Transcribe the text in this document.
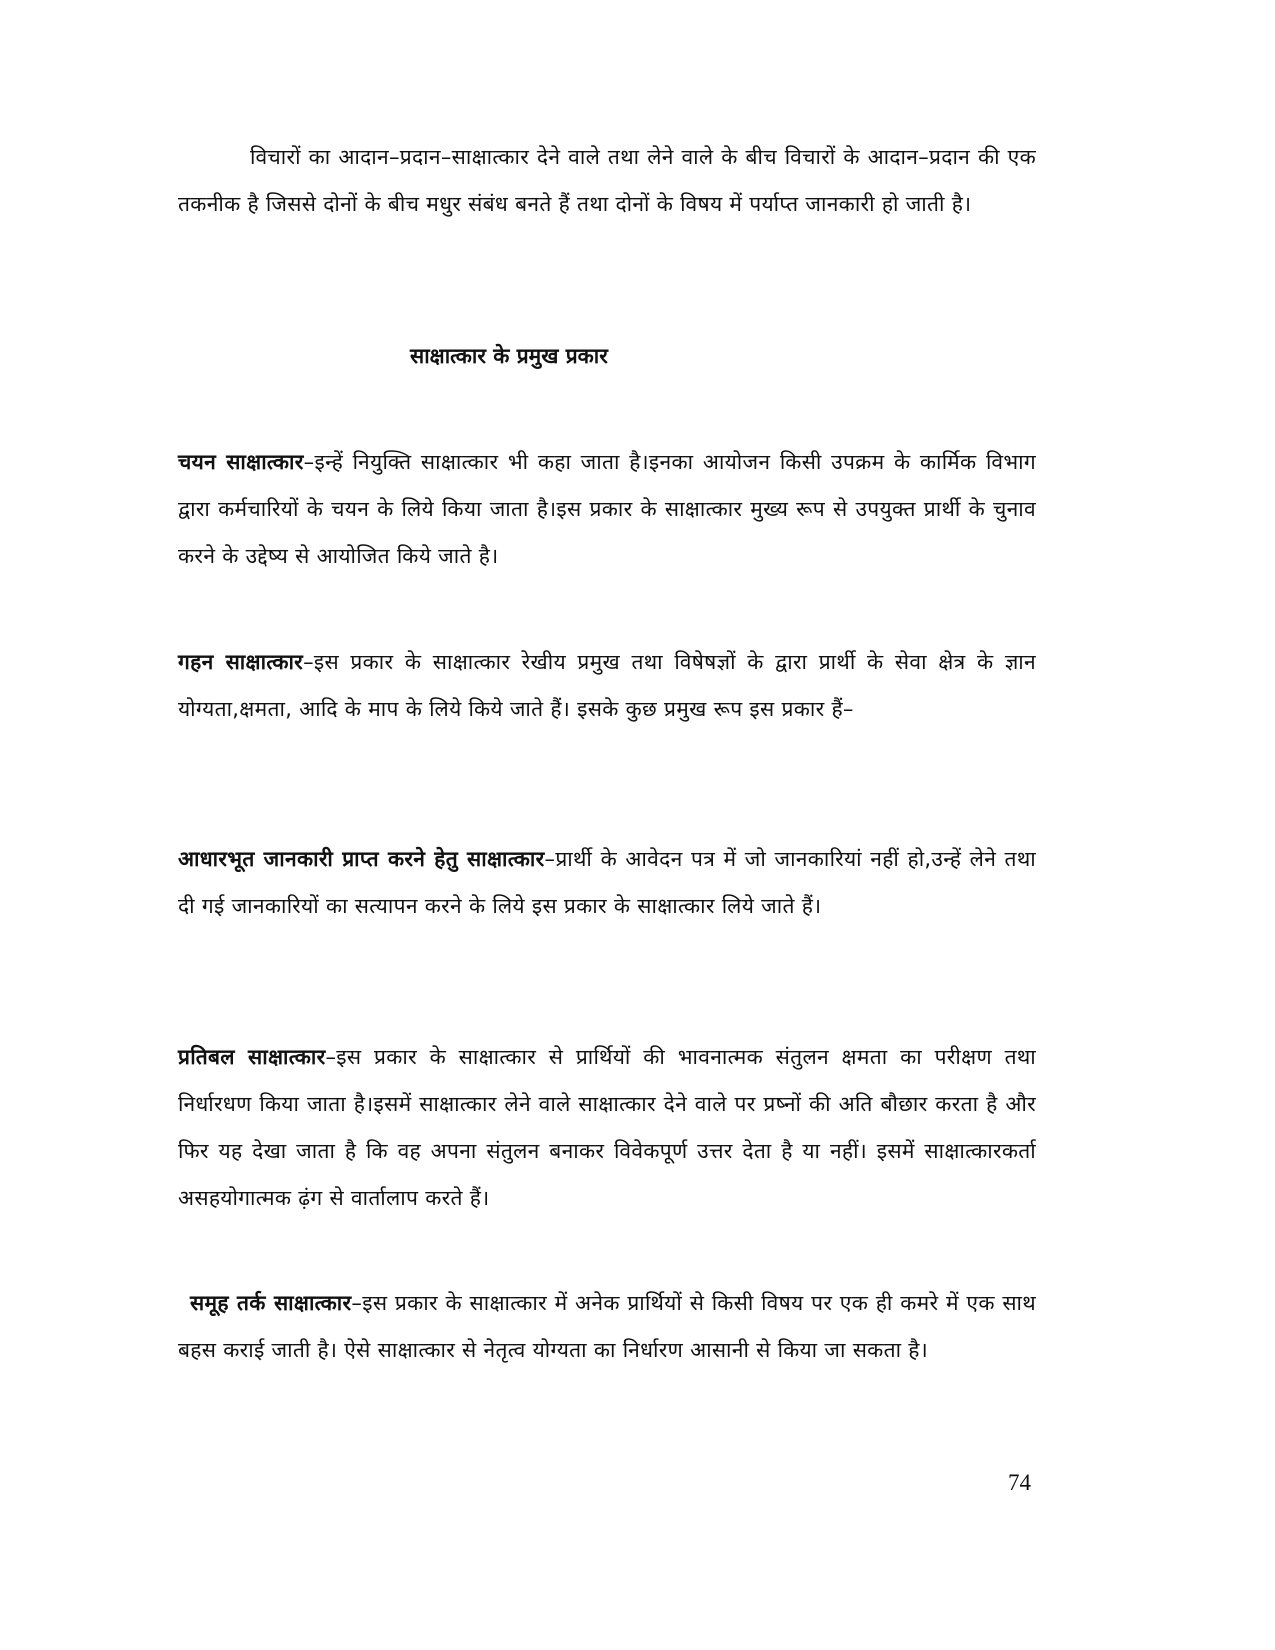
विचारों का आदान–प्रदान–साक्षात्कार देने वाले तथा लेने वाले के बीच विचारों के आदान–प्रदान की एक तकनीक है जिससे दोनों के बीच मधुर संबंध बनते हैं तथा दोनों के विषय में पर्याप्त जानकारी हो जाती है।

साक्षात्कार के प्रमुख प्रकार

चयन साक्षात्कार–इन्हें नियुक्ति साक्षात्कार भी कहा जाता है।इनका आयोजन किसी उपक्रम के कार्मिक विभाग द्वारा कर्मचारियों के चयन के लिये किया जाता है।इस प्रकार के साक्षात्कार मुख्य रूप से उपयुक्त प्रार्थी के चुनाव करने के उद्देष्य से आयोजित किये जाते है।

गहन साक्षात्कार–इस प्रकार के साक्षात्कार रेखीय प्रमुख तथा विषेषज्ञों के द्वारा प्रार्थी के सेवा क्षेत्र के ज्ञान योग्यता,क्षमता, आदि के माप के लिये किये जाते हैं। इसके कुछ प्रमुख रूप इस प्रकार हैं–

आधारभूत जानकारी प्राप्त करने हेतु साक्षात्कार–प्रार्थी के आवेदन पत्र में जो जानकारियां नहीं हो,उन्हें लेने तथा दी गई जानकारियों का सत्यापन करने के लिये इस प्रकार के साक्षात्कार लिये जाते हैं।

प्रतिबल साक्षात्कार–इस प्रकार के साक्षात्कार से प्रार्थियों की भावनात्मक संतुलन क्षमता का परीक्षण तथा निर्धारधण किया जाता है।इसमें साक्षात्कार लेने वाले साक्षात्कार देने वाले पर प्रष्नों की अति बौछार करता है और फिर यह देखा जाता है कि वह अपना संतुलन बनाकर विवेकपूर्ण उत्तर देता है या नहीं। इसमें साक्षात्कारकर्ता असहयोगात्मक ढ़ंग से वार्तालाप करते हैं।

समूह तर्क साक्षात्कार–इस प्रकार के साक्षात्कार में अनेक प्रार्थियों से किसी विषय पर एक ही कमरे में एक साथ बहस कराई जाती है। ऐसे साक्षात्कार से नेतृत्व योग्यता का निर्धारण आसानी से किया जा सकता है।

74
